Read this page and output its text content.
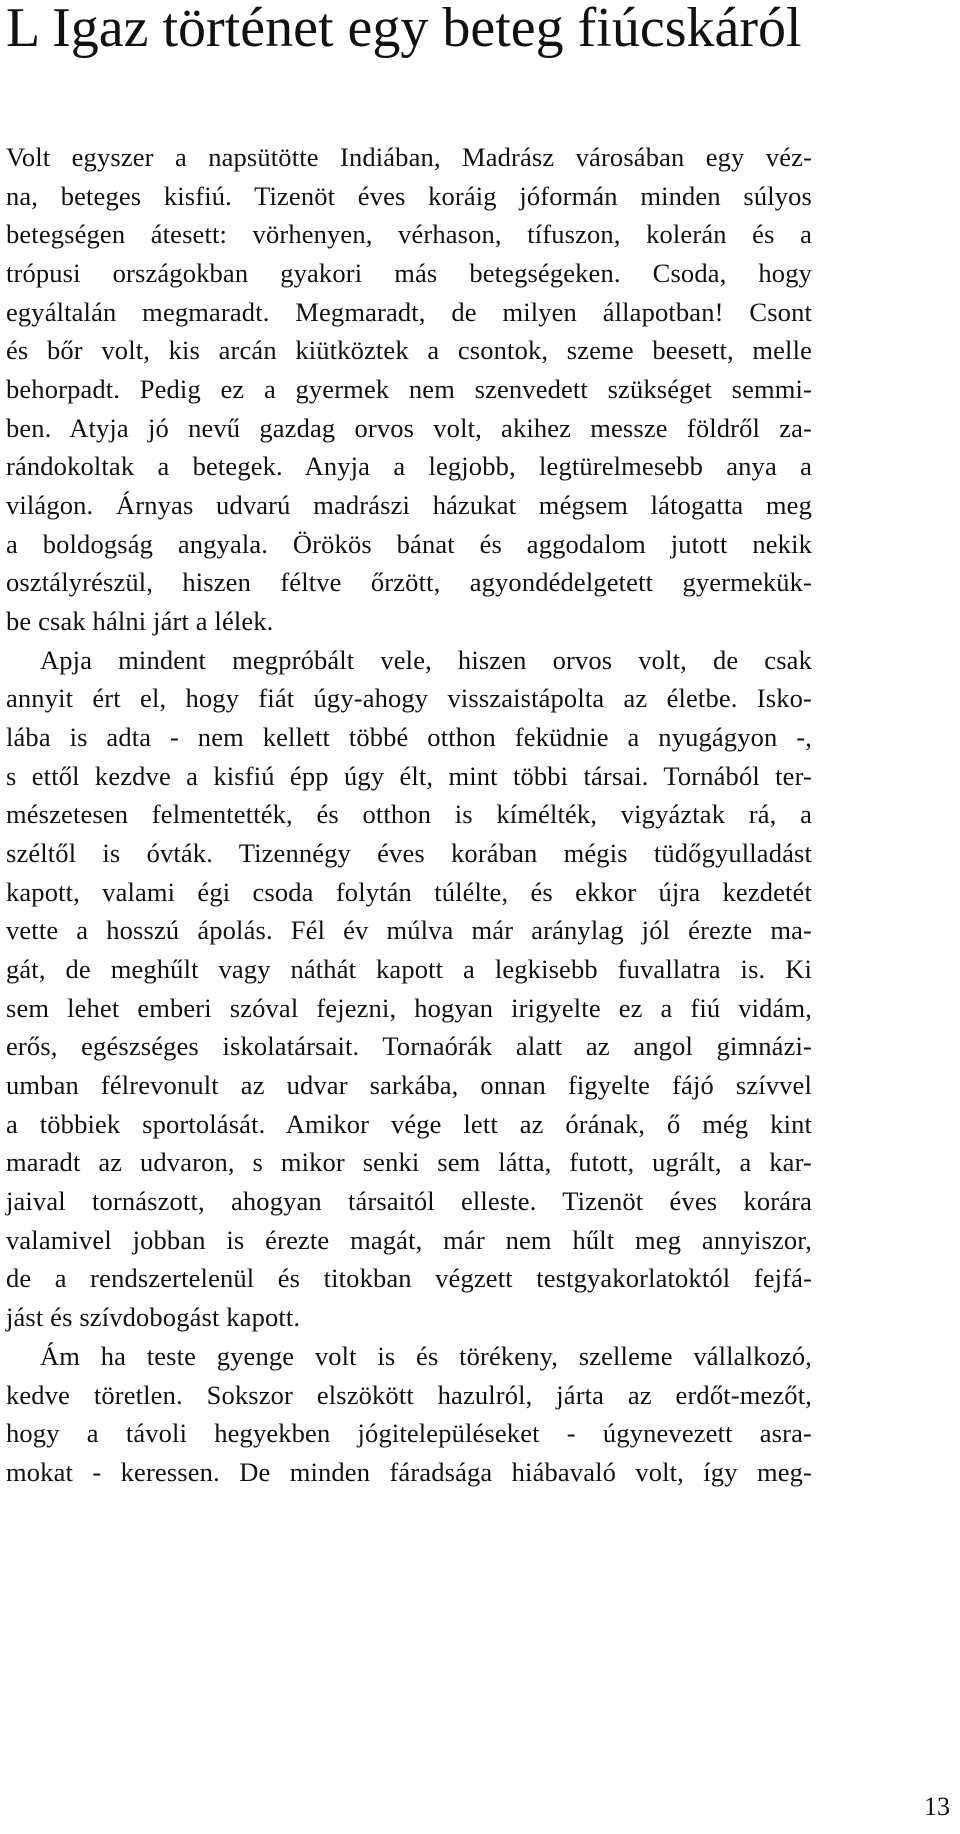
L Igaz történet egy beteg fiúcskáról
Volt egyszer a napsütötte Indiában, Madrász városában egy véz-
na, beteges kisfiú. Tizenöt éves koráig jóformán minden súlyos
betegségen átesett: vörhenyen, vérhason, tífuszon, kolerán és a
trópusi országokban gyakori más betegségeken. Csoda, hogy
egyáltalán megmaradt. Megmaradt, de milyen állapotban! Csont
és bőr volt, kis arcán kiütköztek a csontok, szeme beesett, melle
behorpadt. Pedig ez a gyermek nem szenvedett szükséget semmi-
ben. Atyja jó nevű gazdag orvos volt, akihez messze földről za-
rándokoltak a betegek. Anyja a legjobb, legtürelmesebb anya a
világon. Árnyas udvarú madrászi házukat mégsem látogatta meg
a boldogság angyala. Örökös bánat és aggodalom jutott nekik
osztályrészül, hiszen féltve őrzött, agyondédelgetett gyermekük-
be csak hálni járt a lélek.
Apja mindent megpróbált vele, hiszen orvos volt, de csak
annyit ért el, hogy fiát úgy-ahogy visszaistápolta az életbe. Isko-
lába is adta - nem kellett többé otthon feküdnie a nyugágyon -,
s ettől kezdve a kisfiú épp úgy élt, mint többi társai. Tornából ter-
mészetesen felmentették, és otthon is kímélték, vigyáztak rá, a
széltől is óvták. Tizennégy éves korában mégis tüdőgyulladást
kapott, valami égi csoda folytán túlélte, és ekkor újra kezdetét
vette a hosszú ápolás. Fél év múlva már aránylag jól érezte ma-
gát, de meghűlt vagy náthát kapott a legkisebb fuvallatra is. Ki
sem lehet emberi szóval fejezni, hogyan irigyelte ez a fiú vidám,
erős, egészséges iskolatársait. Tornaórák alatt az angol gimnázi-
umban félrevonult az udvar sarkába, onnan figyelte fájó szívvel
a többiek sportolását. Amikor vége lett az órának, ő még kint
maradt az udvaron, s mikor senki sem látta, futott, ugrált, a kar-
jaival tornászott, ahogyan társaitól elleste. Tizenöt éves korára
valamivel jobban is érezte magát, már nem hűlt meg annyiszor,
de a rendszertelenül és titokban végzett testgyakorlatoktól fejfá-
jást és szívdobogást kapott.
Ám ha teste gyenge volt is és törékeny, szelleme vállalkozó,
kedve töretlen. Sokszor elszökött hazulról, járta az erdőt-mezőt,
hogy a távoli hegyekben jógitelepüléseket - úgynevezett asra-
mokat - keressen. De minden fáradsága hiábavaló volt, így meg-
13
